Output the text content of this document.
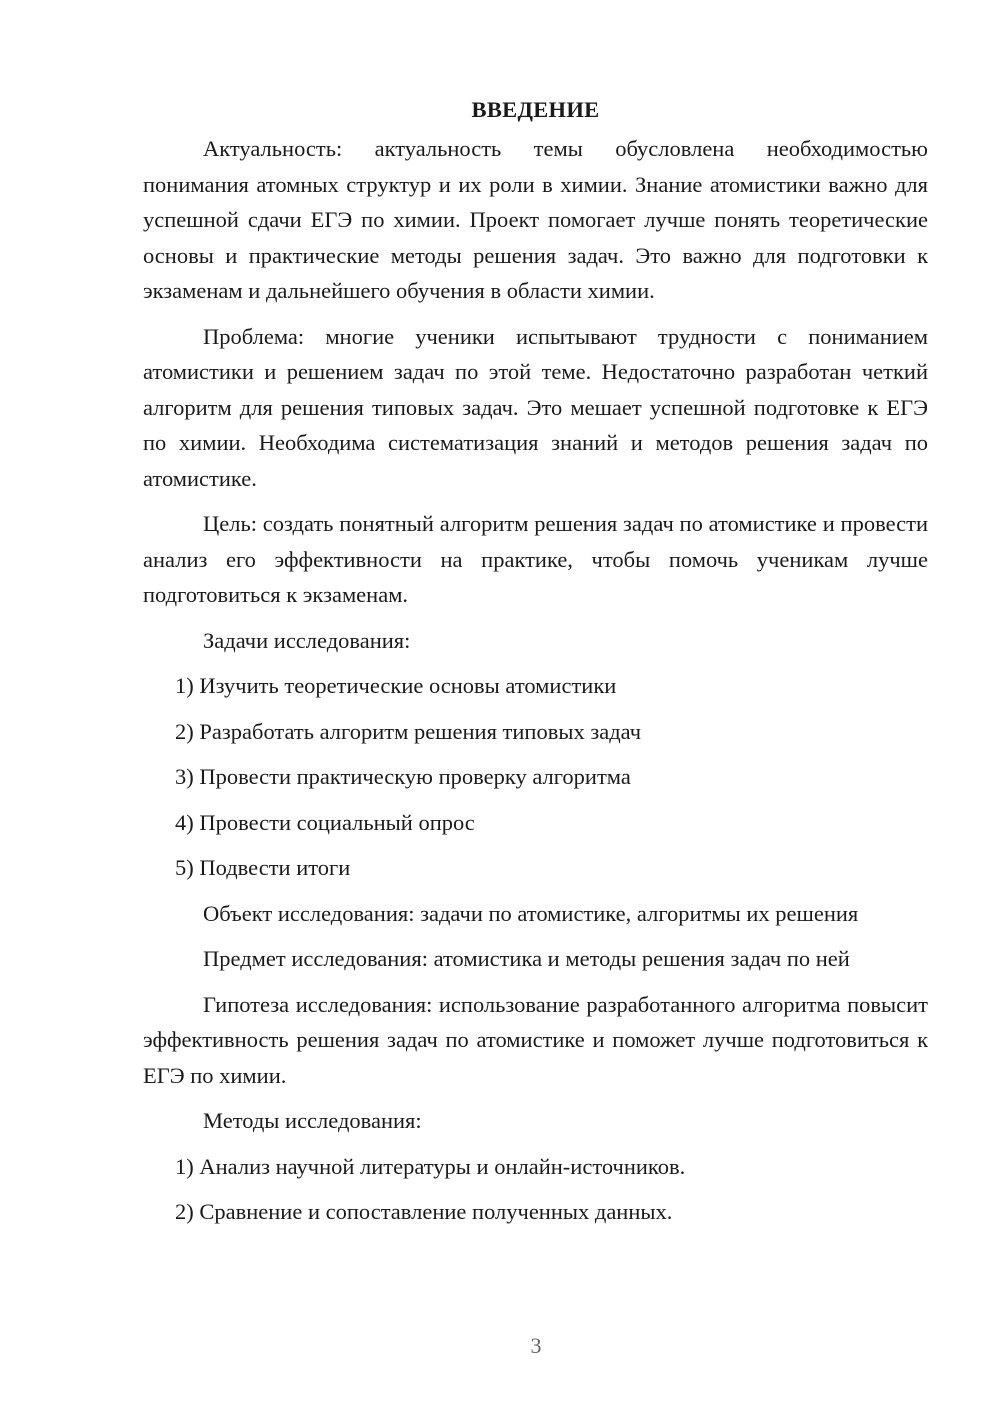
ВВЕДЕНИЕ

Актуальность: актуальность темы обусловлена необходимостью понимания атомных структур и их роли в химии. Знание атомистики важно для успешной сдачи ЕГЭ по химии. Проект помогает лучше понять теоретические основы и практические методы решения задач. Это важно для подготовки к экзаменам и дальнейшего обучения в области химии.

Проблема: многие ученики испытывают трудности с пониманием атомистики и решением задач по этой теме. Недостаточно разработан четкий алгоритм для решения типовых задач. Это мешает успешной подготовке к ЕГЭ по химии. Необходима систематизация знаний и методов решения задач по атомистике.

Цель: создать понятный алгоритм решения задач по атомистике и провести анализ его эффективности на практике, чтобы помочь ученикам лучше подготовиться к экзаменам.

Задачи исследования:

1) Изучить теоретические основы атомистики
2) Разработать алгоритм решения типовых задач
3) Провести практическую проверку алгоритма
4) Провести социальный опрос
5) Подвести итоги

Объект исследования: задачи по атомистике, алгоритмы их решения

Предмет исследования: атомистика и методы решения задач по ней

Гипотеза исследования: использование разработанного алгоритма повысит эффективность решения задач по атомистике и поможет лучше подготовиться к ЕГЭ по химии.

Методы исследования:

1) Анализ научной литературы и онлайн-источников.
2) Сравнение и сопоставление полученных данных.
3
